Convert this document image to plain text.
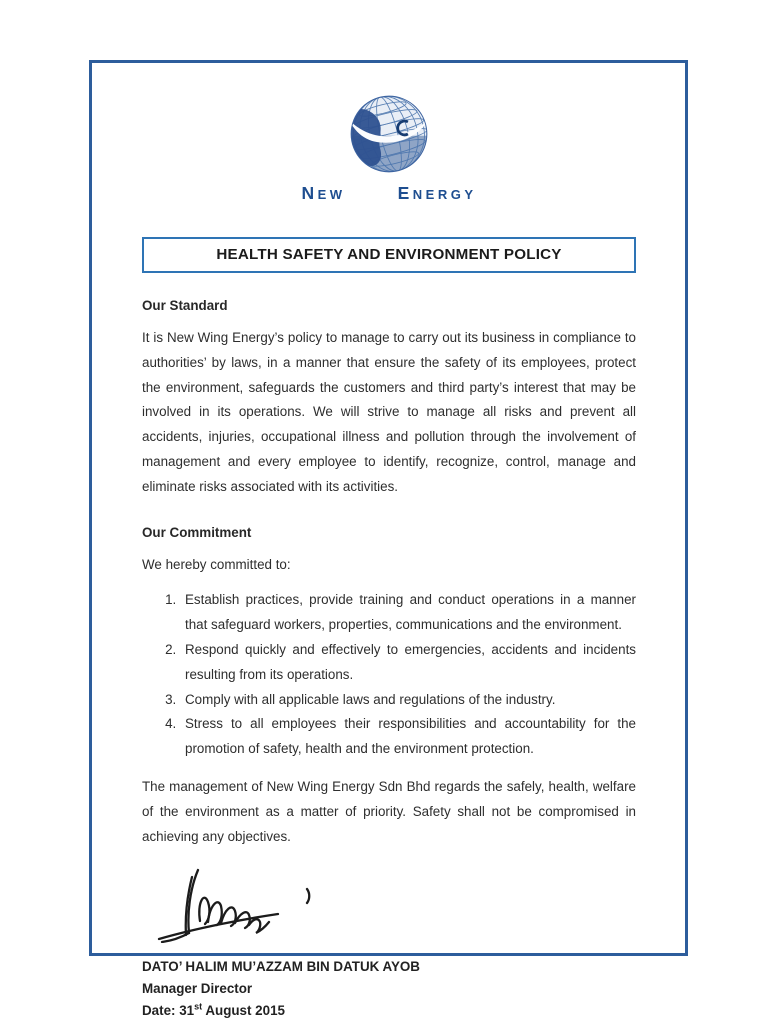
NEW	ENERGY
HEALTH SAFETY AND ENVIRONMENT POLICY
Our Standard
It is New Wing Energy’s policy to manage to carry out its business in compliance to authorities’ by laws, in a manner that ensure the safety of its employees, protect the environment, safeguards the customers and third party’s interest that may be involved in its operations. We will strive to manage all risks and prevent all accidents, injuries, occupational illness and pollution through the involvement of management and every employee to identify, recognize, control, manage and eliminate risks associated with its activities.
Our Commitment
We hereby committed to:
1. Establish practices, provide training and conduct operations in a manner that safeguard workers, properties, communications and the environment.
2. Respond quickly and effectively to emergencies, accidents and incidents resulting from its operations.
3. Comply with all applicable laws and regulations of the industry.
4. Stress to all employees their responsibilities and accountability for the promotion of safety, health and the environment protection.
The management of New Wing Energy Sdn Bhd regards the safely, health, welfare of the environment as a matter of priority. Safety shall not be compromised in achieving any objectives.
DATO’ HALIM MU’AZZAM BIN DATUK AYOB
Manager Director
Date: 31st August 2015
